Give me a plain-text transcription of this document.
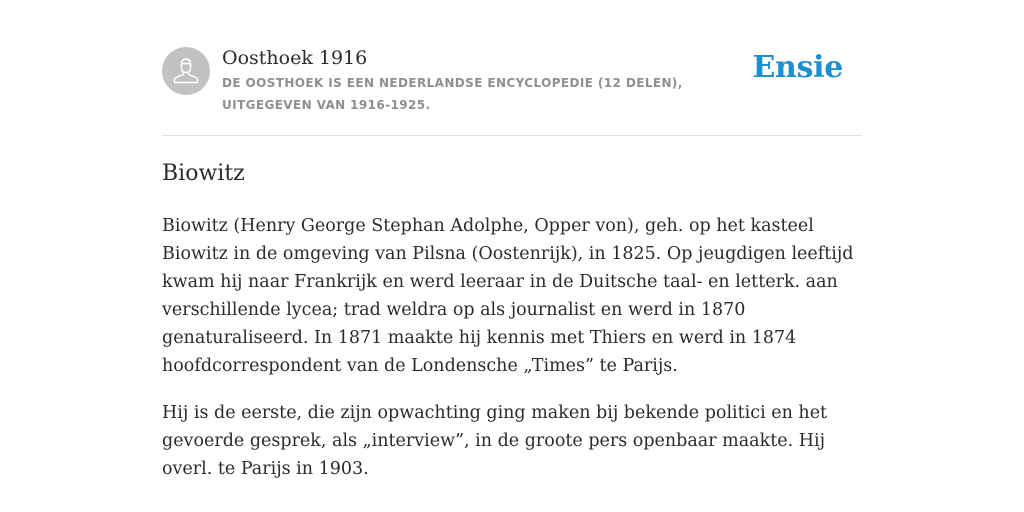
Oosthoek 1916

DE OOSTHOEK IS EEN NEDERLANDSE ENCYCLOPEDIE (12 DELEN), UITGEGEVEN VAN 1916-1925.

Ensie
Biowitz

Biowitz (Henry George Stephan Adolphe, Opper von), geh. op het kasteel Biowitz in de omgeving van Pilsna (Oostenrijk), in 1825. Op jeugdigen leeftijd kwam hij naar Frankrijk en werd leeraar in de Duitsche taal- en letterk. aan verschillende lycea; trad weldra op als journalist en werd in 1870 genaturaliseerd. In 1871 maakte hij kennis met Thiers en werd in 1874 hoofdcorrespondent van de Londensche „Times” te Parijs.

Hij is de eerste, die zijn opwachting ging maken bij bekende politici en het gevoerde gesprek, als „interview”, in de groote pers openbaar maakte. Hij overl. te Parijs in 1903.
